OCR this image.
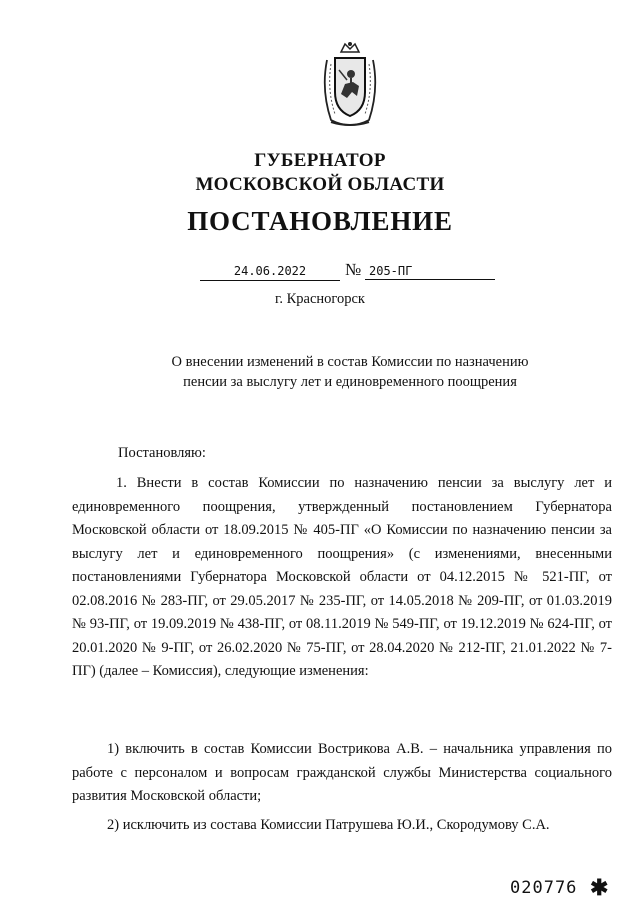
ГУБЕРНАТОР
МОСКОВСКОЙ ОБЛАСТИ
ПОСТАНОВЛЕНИЕ
24.06.2022	№ 205-ПГ
г. Красногорск
О внесении изменений в состав Комиссии по назначению
пенсии за выслугу лет и единовременного поощрения
Постановляю:
1. Внести в состав Комиссии по назначению пенсии за выслугу лет и единовременного поощрения, утвержденный постановлением Губернатора Московской области от 18.09.2015 № 405-ПГ «О Комиссии по назначению пенсии за выслугу лет и единовременного поощрения» (с изменениями, внесенными постановлениями Губернатора Московской области от 04.12.2015 № 521-ПГ, от 02.08.2016 № 283-ПГ, от 29.05.2017 № 235-ПГ, от 14.05.2018 № 209-ПГ, от 01.03.2019 № 93-ПГ, от 19.09.2019 № 438-ПГ, от 08.11.2019 № 549-ПГ, от 19.12.2019 № 624-ПГ, от 20.01.2020 № 9-ПГ, от 26.02.2020 № 75-ПГ, от 28.04.2020 № 212-ПГ, 21.01.2022 № 7-ПГ) (далее – Комиссия), следующие изменения:
1) включить в состав Комиссии Вострикова А.В. – начальника управления по работе с персоналом и вопросам гражданской службы Министерства социального развития Московской области;
2) исключить из состава Комиссии Патрушева Ю.И., Скородумову С.А.
020776 ✱
